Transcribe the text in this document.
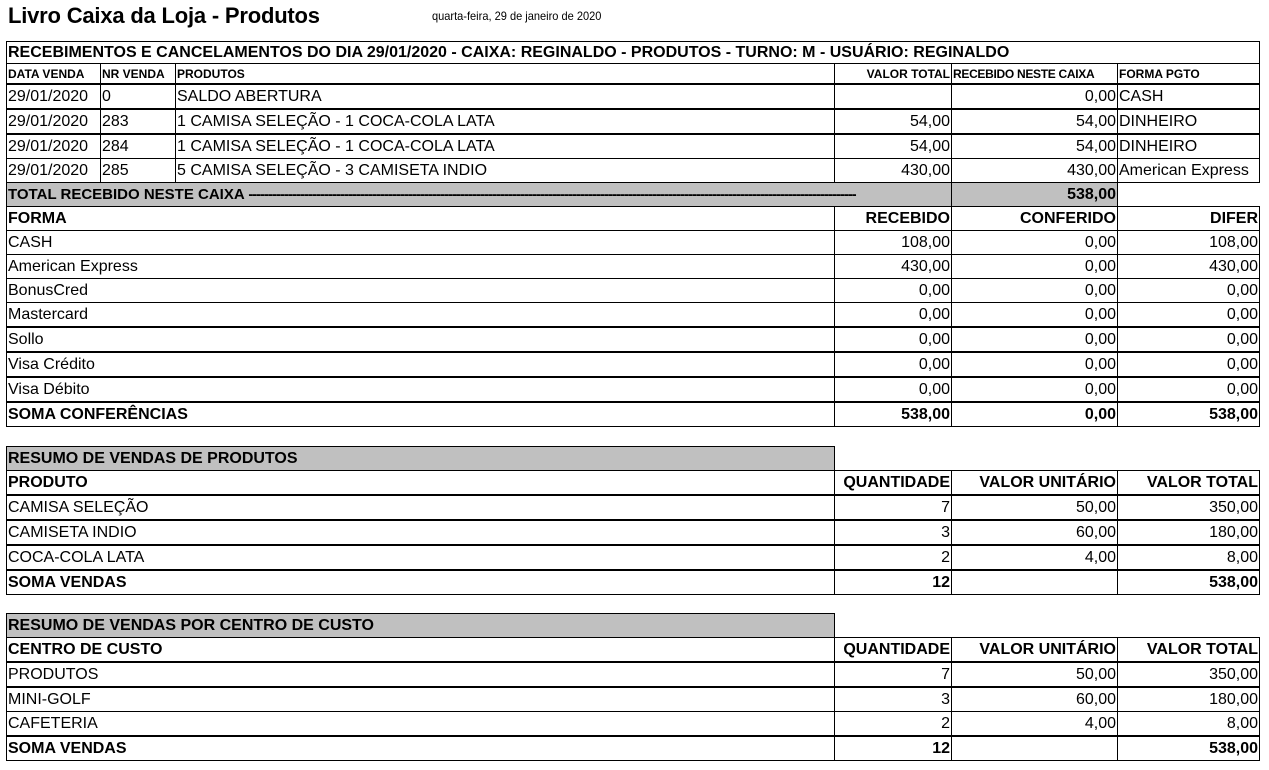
Livro Caixa da Loja - Produtos	quarta-feira, 29 de janeiro de 2020
RECEBIMENTOS E CANCELAMENTOS DO DIA 29/01/2020 - CAIXA: REGINALDO - PRODUTOS - TURNO: M - USUÁRIO: REGINALDO					
DATA VENDA	NR VENDA	PRODUTOS	VALOR TOTAL	RECEBIDO NESTE CAIXA	FORMA PGTO
29/01/2020	0	SALDO ABERTURA		0,00	CASH
29/01/2020	283	1 CAMISA SELEÇÃO - 1 COCA-COLA LATA	54,00	54,00	DINHEIRO
29/01/2020	284	1 CAMISA SELEÇÃO - 1 COCA-COLA LATA	54,00	54,00	DINHEIRO
29/01/2020	285	5 CAMISA SELEÇÃO - 3 CAMISETA INDIO	430,00	430,00	American Express
TOTAL RECEBIDO NESTE CAIXA --------------------------------------------------------------------------------------------------------------------------------------------------------				538,00	
FORMA			RECEBIDO	CONFERIDO	DIFER
CASH			108,00	0,00	108,00
American Express			430,00	0,00	430,00
BonusCred			0,00	0,00	0,00
Mastercard			0,00	0,00	0,00
Sollo			0,00	0,00	0,00
Visa Crédito			0,00	0,00	0,00
Visa Débito			0,00	0,00	0,00
SOMA CONFERÊNCIAS			538,00	0,00	538,00
RESUMO DE VENDAS DE PRODUTOS			
PRODUTO	QUANTIDADE	VALOR UNITÁRIO	VALOR TOTAL
CAMISA SELEÇÃO	7	50,00	350,00
CAMISETA INDIO	3	60,00	180,00
COCA-COLA LATA	2	4,00	8,00
SOMA VENDAS	12		538,00
RESUMO DE VENDAS POR CENTRO DE CUSTO			
CENTRO DE CUSTO	QUANTIDADE	VALOR UNITÁRIO	VALOR TOTAL
PRODUTOS	7	50,00	350,00
MINI-GOLF	3	60,00	180,00
CAFETERIA	2	4,00	8,00
SOMA VENDAS	12		538,00
